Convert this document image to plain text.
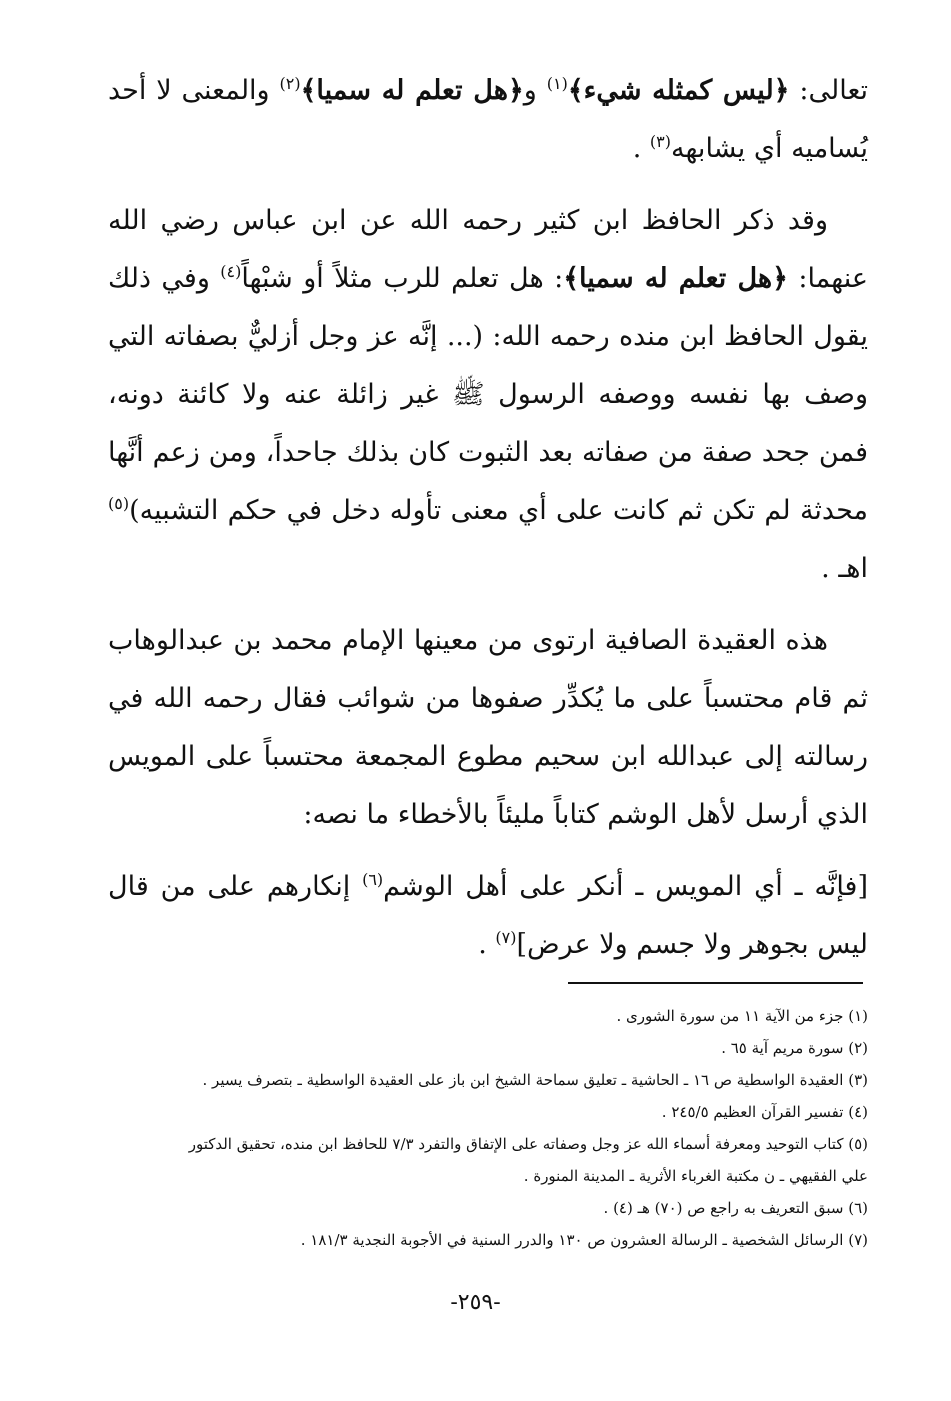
تعالى: ﴿ليس كمثله شيء﴾$^{(١)}$ و﴿هل تعلم له سميا﴾$^{(٢)}$ والمعنى لا أحد يُساميه أي يشابهه$^{(٣)}$ .

وقد ذكر الحافظ ابن كثير رحمه الله عن ابن عباس رضي الله عنهما: ﴿هل تعلم له سميا﴾: هل تعلم للرب مثلاً أو شبْهاً$^{(٤)}$ وفي ذلك يقول الحافظ ابن منده رحمه الله: (... إنَّه عز وجل أزليٌّ بصفاته التي وصف بها نفسه ووصفه الرسول ﷺ غير زائلة عنه ولا كائنة دونه، فمن جحد صفة من صفاته بعد الثبوت كان بذلك جاحداً، ومن زعم أنَّها محدثة لم تكن ثم كانت على أي معنى تأوله دخل في حكم التشبيه)$^{(٥)}$ اهـ .

هذه العقيدة الصافية ارتوى من معينها الإمام محمد بن عبدالوهاب ثم قام محتسباً على ما يُكدِّر صفوها من شوائب فقال رحمه الله في رسالته إلى عبدالله ابن سحيم مطوع المجمعة محتسباً على المويس الذي أرسل لأهل الوشم كتاباً مليئاً بالأخطاء ما نصه:

[فإنَّه ـ أي المويس ـ أنكر على أهل الوشم$^{(٦)}$ إنكارهم على من قال ليس بجوهر ولا جسم ولا عرض]$^{(٧)}$ .

(١) جزء من الآية ١١ من سورة الشورى .

(٢) سورة مريم آية ٦٥ .

(٣) العقيدة الواسطية ص ١٦ ـ الحاشية ـ تعليق سماحة الشيخ ابن باز على العقيدة الواسطية ـ بتصرف يسير .

(٤) تفسير القرآن العظيم ٢٤٥/٥ .

(٥) كتاب التوحيد ومعرفة أسماء الله عز وجل وصفاته على الإتفاق والتفرد ٧/٣ للحافظ ابن منده، تحقيق الدكتور

علي الفقيهي ـ ن مكتبة الغرباء الأثرية ـ المدينة المنورة .

(٦) سبق التعريف به راجع ص (٧٠) هـ (٤) .

(٧) الرسائل الشخصية ـ الرسالة العشرون ص ١٣٠ والدرر السنية في الأجوبة النجدية ١٨١/٣ .

-٢٥٩-
